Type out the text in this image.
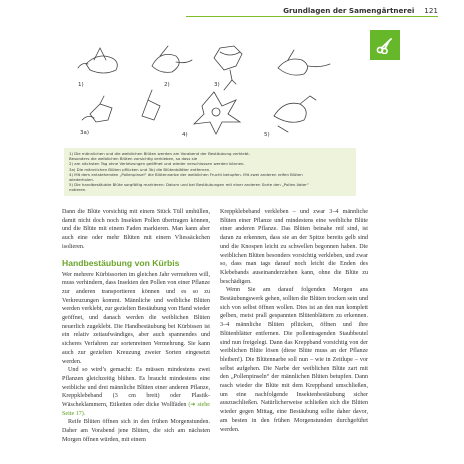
Grundlagen der Samengärtnerei 121
1)	2)	3)
3a)	4)	5)

1) Die männlichen und die weiblichen Blüten werden am Vorabend der Bestäubung verklebt.

Besonders die weiblichen Blüten vorsichtig verkleben, so dass sie

2) am nächsten Tag ohne Verletzungen geöffnet und wieder verschlossen werden können.

3a) Die männlichen Blüten pflücken und 3b) die Blütenblätter entfernen.

4) Mit dem entstehenden „Pollenpinsel“ die Blütennarbe der weiblichen Frucht betupfen. Mit zwei anderen reifen Blüten

wiederholen.

5) Die handbestäubte Blüte sorgfältig markieren: Datum und bei Bestäubungen mit einer anderen Sorte den „Pollen-Vater“

notieren.

Dann die Blüte vorsichtig mit einem Stück Tüll umhüllen, damit nicht doch noch Insekten Pollen übertragen können, und die Blüte mit einem Faden markieren. Man kann aber auch eine oder mehr Blüten mit einem Vliessäckchen isolieren.

Handbestäubung von Kürbis

Wer mehrere Kürbissorten im gleichen Jahr vermehren will, muss verhindern, dass Insekten den Pollen von einer Pflanze zur anderen transportieren können und es so zu Verkreuzungen kommt. Männliche und weibliche Blüten werden verklebt, zur gezielten Bestäubung von Hand wieder geöffnet, und danach werden die weiblichen Blüten neuerlich zugeklebt. Die Handbestäubung bei Kürbissen ist ein relativ zeitaufwändiges, aber auch spannendes und sicheres Verfahren zur sortenreinen Vermehrung. Sie kann auch zur gezielten Kreuzung zweier Sorten eingesetzt werden.

Und so wird’s gemacht: Es müssen mindestens zwei Pflanzen gleichzeitig blühen. Es braucht mindestens eine weibliche und drei männliche Blüten einer anderen Pflanze, Kreppklebeband (3 cm breit) oder Plastik-Wäscheklammern, Etiketten oder dicke Wollfäden (➔ siehe Seite 17).

Reife Blüten öffnen sich in den frühen Morgenstunden. Daher am Vorabend jene Blüten, die sich am nächsten Morgen öffnen würden, mit einem

Kreppklebeband verkleben – und zwar 3–4 männliche Blüten einer Pflanze und mindestens eine weibliche Blüte einer anderen Pflanze. Das Blüten beinahe reif sind, ist daran zu erkennen, dass sie an der Spitze bereits gelb sind und die Knospen leicht zu schwellen begonnen haben. Die weiblichen Blüten besonders vorsichtig verkleben, und zwar so, dass man tags darauf noch leicht die Enden des Klebebands auseinanderziehen kann, ohne die Blüte zu beschädigen.

Wenn Sie am darauf folgenden Morgen ans Bestäubungswerk gehen, sollten die Blüten trocken sein und sich von selbst öffnen wollen. Dies ist an den nun komplett gelben, meist prall gespannten Blütenblättern zu erkennen. 3–4 männliche Blüten pflücken, öffnen und ihre Blütenblätter entfernen. Die pollentragenden Staubbeutel sind nun freigelegt. Dann das Kreppband vorsichtig von der weiblichen Blüte lösen (diese Blüte muss an der Pflanze bleiben!). Die Blütennarbe soll nun – wie in Zeitlupe – vor selbst aufgehen. Die Narbe der weiblichen Blüte zart mit den „Pollenpinseln“ der männlichen Blüten betupfen. Dann rasch wieder die Blüte mit dem Kreppband umschließen, um eine nachfolgende Insektenbestäubung sicher auszuschließen. Natürlicherweise schließen sich die Blüten wieder gegen Mittag, eine Bestäubung sollte daher davor, am besten in den frühen Morgenstunden durchgeführt werden.
